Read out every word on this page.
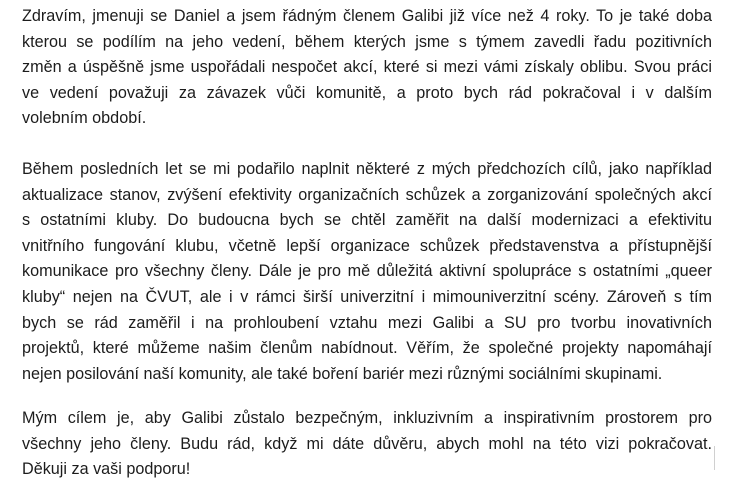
Zdravím, jmenuji se Daniel a jsem řádným členem Galibi již více než 4 roky. To je také doba
kterou se podílím na jeho vedení, během kterých jsme s týmem zavedli řadu pozitivních
změn a úspěšně jsme uspořádali nespočet akcí, které si mezi vámi získaly oblibu. Svou práci
ve vedení považuji za závazek vůči komunitě, a proto bych rád pokračoval i v dalším
volebním období.

Během posledních let se mi podařilo naplnit některé z mých předchozích cílů, jako například
aktualizace stanov, zvýšení efektivity organizačních schůzek a zorganizování společných akcí
s ostatními kluby. Do budoucna bych se chtěl zaměřit na další modernizaci a efektivitu
vnitřního fungování klubu, včetně lepší organizace schůzek představenstva a přístupnější
komunikace pro všechny členy. Dále je pro mě důležitá aktivní spolupráce s ostatními „queer
kluby“ nejen na ČVUT, ale i v rámci širší univerzitní i mimouniverzitní scény. Zároveň s tím
bych se rád zaměřil i na prohloubení vztahu mezi Galibi a SU pro tvorbu inovativních
projektů, které můžeme našim členům nabídnout. Věřím, že společné projekty napomáhají
nejen posilování naší komunity, ale také boření bariér mezi různými sociálními skupinami.

Mým cílem je, aby Galibi zůstalo bezpečným, inkluzivním a inspirativním prostorem pro
všechny jeho členy. Budu rád, když mi dáte důvěru, abych mohl na této vizi pokračovat.
Děkuji za vaši podporu!
